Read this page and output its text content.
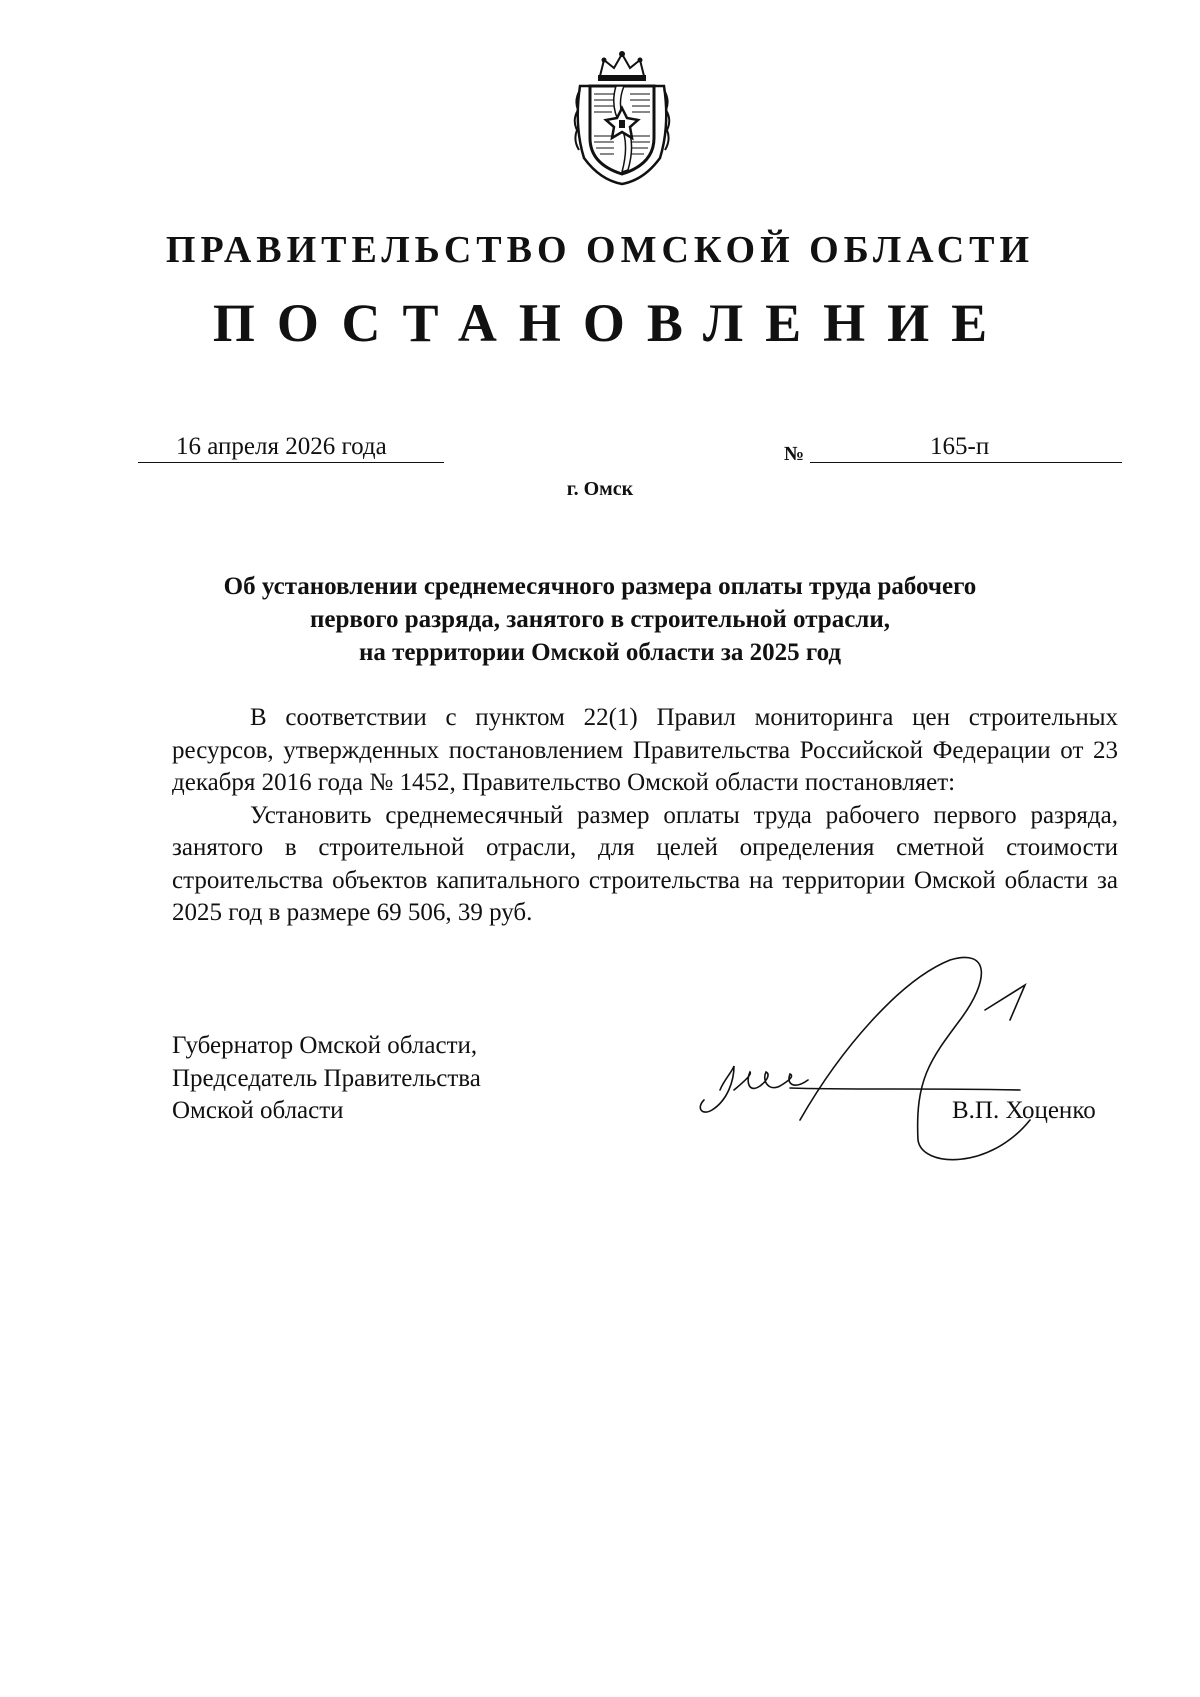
ПРАВИТЕЛЬСТВО ОМСКОЙ ОБЛАСТИ
ПОСТАНОВЛЕНИЕ
16 апреля 2026 года	№	165-п
г. Омск
Об установлении среднемесячного размера оплаты труда рабочего
первого разряда, занятого в строительной отрасли,
на территории Омской области за 2025 год

В соответствии с пунктом 22(1) Правил мониторинга цен строительных ресурсов, утвержденных постановлением Правительства Российской Федерации от 23 декабря 2016 года № 1452, Правительство Омской области постановляет:

Установить среднемесячный размер оплаты труда рабочего первого разряда, занятого в строительной отрасли, для целей определения сметной стоимости строительства объектов капитального строительства на территории Омской области за 2025 год в размере 69 506, 39 руб.

Губернатор Омской области,
Председатель Правительства
Омской области	В.П. Хоценко
